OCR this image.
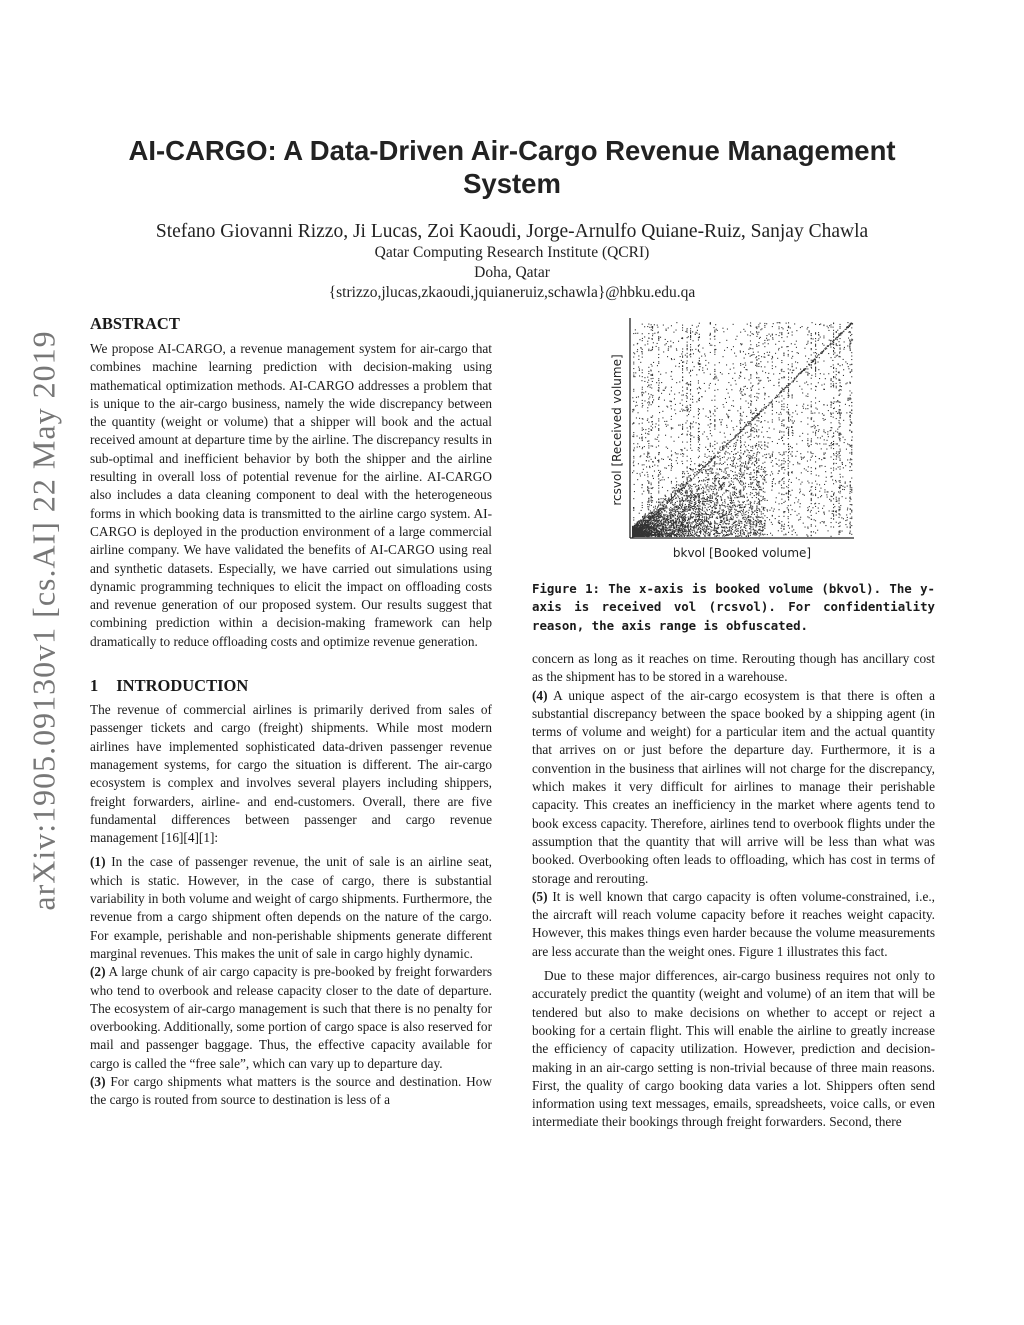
arXiv:1905.09130v1 [cs.AI] 22 May 2019
AI-CARGO: A Data-Driven Air-Cargo Revenue Management System
Stefano Giovanni Rizzo, Ji Lucas, Zoi Kaoudi, Jorge-Arnulfo Quiane-Ruiz, Sanjay Chawla
Qatar Computing Research Institute (QCRI)
Doha, Qatar
{strizzo,jlucas,zkaoudi,jquianeruiz,schawla}@hbku.edu.qa
ABSTRACT

We propose AI-CARGO, a revenue management system for air-cargo that combines machine learning prediction with decision-making using mathematical optimization methods. AI-CARGO addresses a problem that is unique to the air-cargo business, namely the wide discrepancy between the quantity (weight or volume) that a shipper will book and the actual received amount at departure time by the airline. The discrepancy results in sub-optimal and inefficient behavior by both the shipper and the airline resulting in overall loss of potential revenue for the airline. AI-CARGO also includes a data cleaning component to deal with the heterogeneous forms in which booking data is transmitted to the airline cargo system. AI-CARGO is deployed in the production environment of a large commercial airline company. We have validated the benefits of AI-CARGO using real and synthetic datasets. Especially, we have carried out simulations using dynamic programming techniques to elicit the impact on offloading costs and revenue generation of our proposed system. Our results suggest that combining prediction within a decision-making framework can help dramatically to reduce offloading costs and optimize revenue generation.

1 INTRODUCTION

The revenue of commercial airlines is primarily derived from sales of passenger tickets and cargo (freight) shipments. While most modern airlines have implemented sophisticated data-driven passenger revenue management systems, for cargo the situation is different. The air-cargo ecosystem is complex and involves several players including shippers, freight forwarders, airline- and end-customers. Overall, there are five fundamental differences between passenger and cargo revenue management [16][4][1]:

(1) In the case of passenger revenue, the unit of sale is an airline seat, which is static. However, in the case of cargo, there is substantial variability in both volume and weight of cargo shipments. Furthermore, the revenue from a cargo shipment often depends on the nature of the cargo. For example, perishable and non-perishable shipments generate different marginal revenues. This makes the unit of sale in cargo highly dynamic.

(2) A large chunk of air cargo capacity is pre-booked by freight forwarders who tend to overbook and release capacity closer to the date of departure. The ecosystem of air-cargo management is such that there is no penalty for overbooking. Additionally, some portion of cargo space is also reserved for mail and passenger baggage. Thus, the effective capacity available for cargo is called the “free sale”, which can vary up to departure day.

(3) For cargo shipments what matters is the source and destination. How the cargo is routed from source to destination is less of a

bkvol [Booked volume]
rcsvol [Received volume]
Figure 1: The x-axis is booked volume (bkvol). The y-axis is received vol (rcsvol). For confidentiality reason, the axis range is obfuscated.

concern as long as it reaches on time. Rerouting though has ancillary cost as the shipment has to be stored in a warehouse.

(4) A unique aspect of the air-cargo ecosystem is that there is often a substantial discrepancy between the space booked by a shipping agent (in terms of volume and weight) for a particular item and the actual quantity that arrives on or just before the departure day. Furthermore, it is a convention in the business that airlines will not charge for the discrepancy, which makes it very difficult for airlines to manage their perishable capacity. This creates an inefficiency in the market where agents tend to book excess capacity. Therefore, airlines tend to overbook flights under the assumption that the quantity that will arrive will be less than what was booked. Overbooking often leads to offloading, which has cost in terms of storage and rerouting.

(5) It is well known that cargo capacity is often volume-constrained, i.e., the aircraft will reach volume capacity before it reaches weight capacity. However, this makes things even harder because the volume measurements are less accurate than the weight ones. Figure 1 illustrates this fact.

Due to these major differences, air-cargo business requires not only to accurately predict the quantity (weight and volume) of an item that will be tendered but also to make decisions on whether to accept or reject a booking for a certain flight. This will enable the airline to greatly increase the efficiency of capacity utilization. However, prediction and decision-making in an air-cargo setting is non-trivial because of three main reasons. First, the quality of cargo booking data varies a lot. Shippers often send information using text messages, emails, spreadsheets, voice calls, or even intermediate their bookings through freight forwarders. Second, there
